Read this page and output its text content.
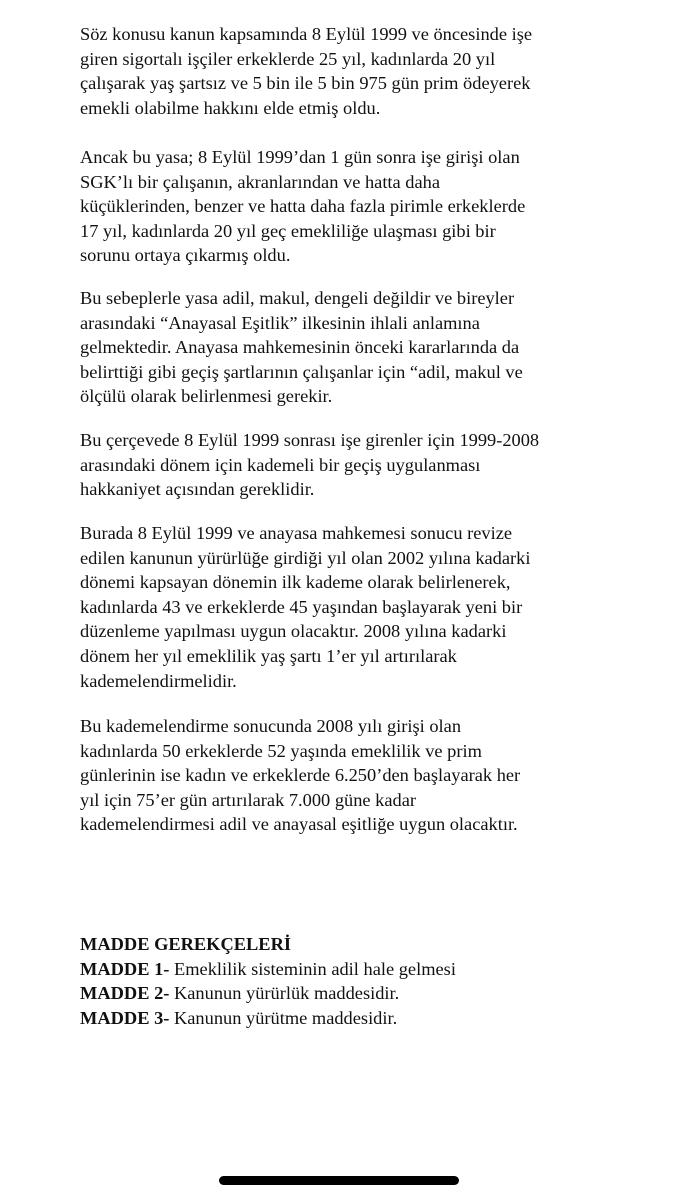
Söz konusu kanun kapsamında 8 Eylül 1999 ve öncesinde işe
giren sigortalı işçiler erkeklerde 25 yıl, kadınlarda 20 yıl
çalışarak yaş şartsız ve 5 bin ile 5 bin 975 gün prim ödeyerek
emekli olabilme hakkını elde etmiş oldu.

Ancak bu yasa; 8 Eylül 1999’dan 1 gün sonra işe girişi olan
SGK’lı bir çalışanın, akranlarından ve hatta daha
küçüklerinden, benzer ve hatta daha fazla pirimle erkeklerde
17 yıl, kadınlarda 20 yıl geç emekliliğe ulaşması gibi bir
sorunu ortaya çıkarmış oldu.

Bu sebeplerle yasa adil, makul, dengeli değildir ve bireyler
arasındaki “Anayasal Eşitlik” ilkesinin ihlali anlamına
gelmektedir. Anayasa mahkemesinin önceki kararlarında da
belirttiği gibi geçiş şartlarının çalışanlar için “adil, makul ve
ölçülü olarak belirlenmesi gerekir.

Bu çerçevede 8 Eylül 1999 sonrası işe girenler için 1999-2008
arasındaki dönem için kademeli bir geçiş uygulanması
hakkaniyet açısından gereklidir.

Burada 8 Eylül 1999 ve anayasa mahkemesi sonucu revize
edilen kanunun yürürlüğe girdiği yıl olan 2002 yılına kadarki
dönemi kapsayan dönemin ilk kademe olarak belirlenerek,
kadınlarda 43 ve erkeklerde 45 yaşından başlayarak yeni bir
düzenleme yapılması uygun olacaktır. 2008 yılına kadarki
dönem her yıl emeklilik yaş şartı 1’er yıl artırılarak
kademelendirmelidir.

Bu kademelendirme sonucunda 2008 yılı girişi olan
kadınlarda 50 erkeklerde 52 yaşında emeklilik ve prim
günlerinin ise kadın ve erkeklerde 6.250’den başlayarak her
yıl için 75’er gün artırılarak 7.000 güne kadar
kademelendirmesi adil ve anayasal eşitliğe uygun olacaktır.

MADDE GEREKÇELERİ
MADDE 1- Emeklilik sisteminin adil hale gelmesi
MADDE 2- Kanunun yürürlük maddesidir.
MADDE 3- Kanunun yürütme maddesidir.
